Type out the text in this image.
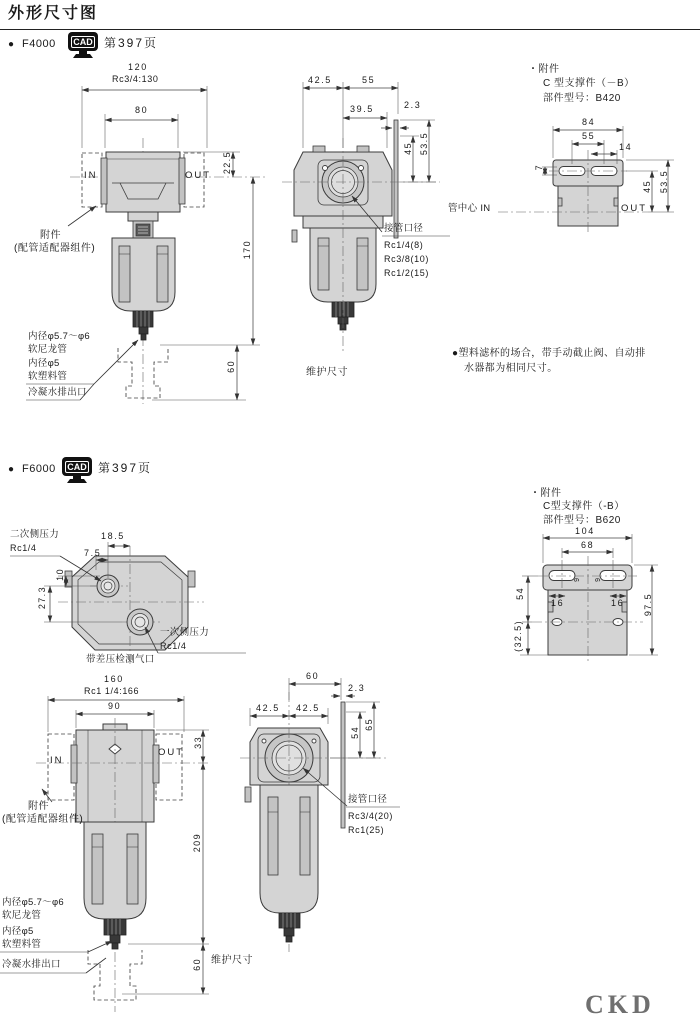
外形尺寸图
● F4000 CAD 第397页
120
Rc3/4:130
80
IN	OUT
22.5
170
60
附件
(配管适配器组件)
内径φ5.7～φ6
软尼龙管
内径φ5
软塑料管
冷凝水排出口
42.5	55
39.5	2.3
45 53.5
接管口径
Rc1/4(8)
Rc3/8(10)
Rc1/2(15)
维护尺寸
・附件
C 型支撑件（－B）
部件型号：B420
84
55
14
7
45 53.5
管中心 IN	OUT
●塑料滤杯的场合，带手动截止阀、自动排
水器都为相同尺寸。
● F6000 CAD 第397页
18.5
7.5
10
27.3
二次侧压力
Rc1/4
一次侧压力
Rc1/4
带差压检测气口
・附件
C型支撑件（-B）
部件型号：B620
104
68
9 9
16	16
54
(32.5)
97.5
160
Rc1 1/4:166
90
IN
OUT
33
209
60 维护尺寸
附件
(配管适配器组件)
内径φ5.7～φ6
软尼龙管
内径φ5
软塑料管
冷凝水排出口
60
2.3
42.5 42.5
54
65
接管口径
Rc3/4(20)
Rc1(25)
CKD
